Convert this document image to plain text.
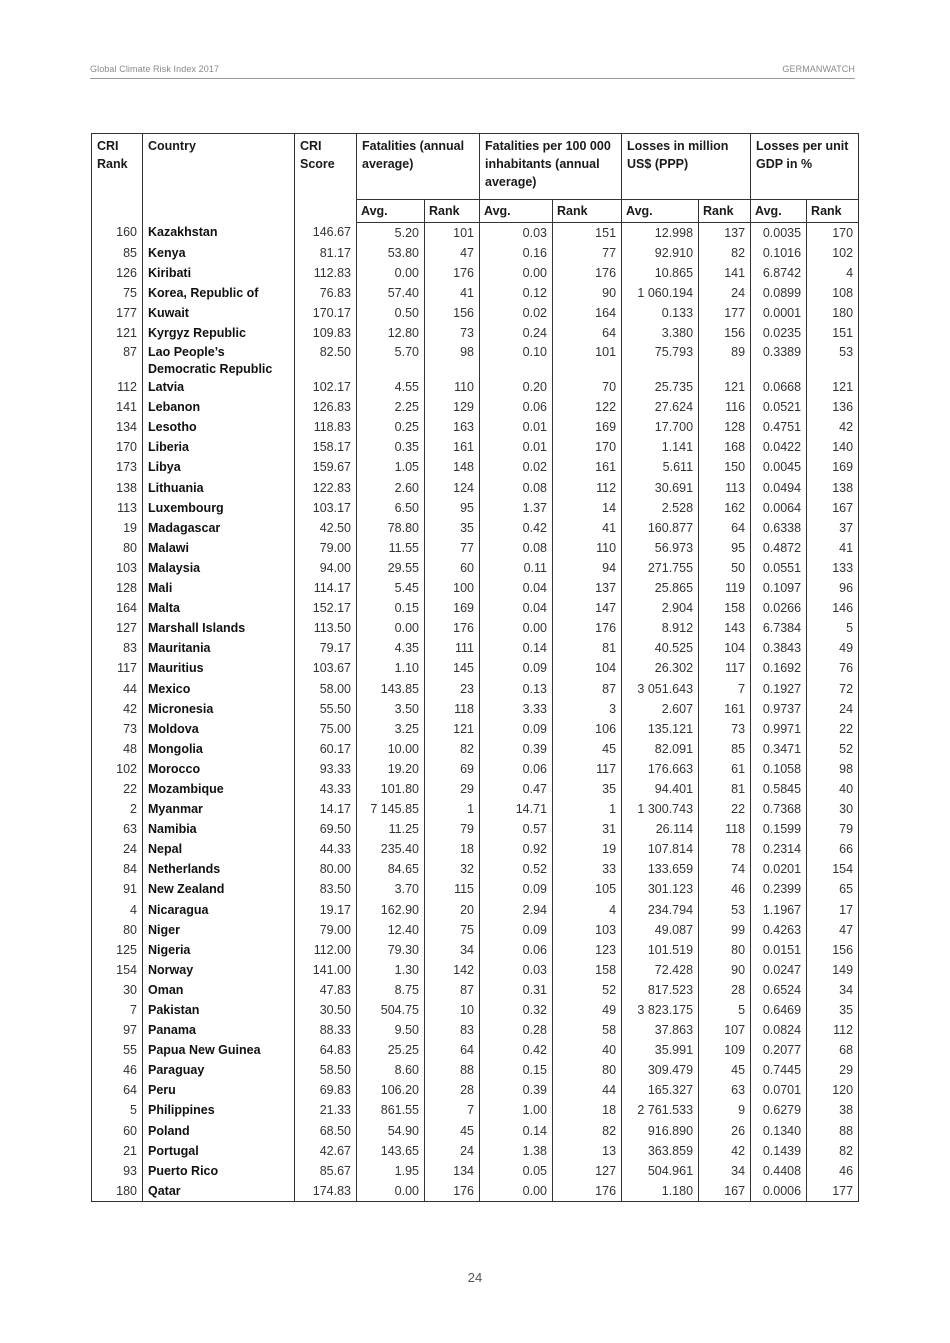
Global Climate Risk Index 2017	GERMANWATCH
CRI Rank	Country	CRI Score	Fatalities (annual average)		Fatalities per 100 000 inhabitants (annual average)		Losses in million US$ (PPP)		Losses per unit GDP in %	
			Avg.	Rank	Avg.	Rank	Avg.	Rank	Avg.	Rank
160	Kazakhstan	146.67	5.20	101	0.03	151	12.998	137	0.0035	170
85	Kenya	81.17	53.80	47	0.16	77	92.910	82	0.1016	102
126	Kiribati	112.83	0.00	176	0.00	176	10.865	141	6.8742	4
75	Korea, Republic of	76.83	57.40	41	0.12	90	1 060.194	24	0.0899	108
177	Kuwait	170.17	0.50	156	0.02	164	0.133	177	0.0001	180
121	Kyrgyz Republic	109.83	12.80	73	0.24	64	3.380	156	0.0235	151
87	Lao People’s Democratic Republic	82.50	5.70	98	0.10	101	75.793	89	0.3389	53
112	Latvia	102.17	4.55	110	0.20	70	25.735	121	0.0668	121
141	Lebanon	126.83	2.25	129	0.06	122	27.624	116	0.0521	136
134	Lesotho	118.83	0.25	163	0.01	169	17.700	128	0.4751	42
170	Liberia	158.17	0.35	161	0.01	170	1.141	168	0.0422	140
173	Libya	159.67	1.05	148	0.02	161	5.611	150	0.0045	169
138	Lithuania	122.83	2.60	124	0.08	112	30.691	113	0.0494	138
113	Luxembourg	103.17	6.50	95	1.37	14	2.528	162	0.0064	167
19	Madagascar	42.50	78.80	35	0.42	41	160.877	64	0.6338	37
80	Malawi	79.00	11.55	77	0.08	110	56.973	95	0.4872	41
103	Malaysia	94.00	29.55	60	0.11	94	271.755	50	0.0551	133
128	Mali	114.17	5.45	100	0.04	137	25.865	119	0.1097	96
164	Malta	152.17	0.15	169	0.04	147	2.904	158	0.0266	146
127	Marshall Islands	113.50	0.00	176	0.00	176	8.912	143	6.7384	5
83	Mauritania	79.17	4.35	111	0.14	81	40.525	104	0.3843	49
117	Mauritius	103.67	1.10	145	0.09	104	26.302	117	0.1692	76
44	Mexico	58.00	143.85	23	0.13	87	3 051.643	7	0.1927	72
42	Micronesia	55.50	3.50	118	3.33	3	2.607	161	0.9737	24
73	Moldova	75.00	3.25	121	0.09	106	135.121	73	0.9971	22
48	Mongolia	60.17	10.00	82	0.39	45	82.091	85	0.3471	52
102	Morocco	93.33	19.20	69	0.06	117	176.663	61	0.1058	98
22	Mozambique	43.33	101.80	29	0.47	35	94.401	81	0.5845	40
2	Myanmar	14.17	7 145.85	1	14.71	1	1 300.743	22	0.7368	30
63	Namibia	69.50	11.25	79	0.57	31	26.114	118	0.1599	79
24	Nepal	44.33	235.40	18	0.92	19	107.814	78	0.2314	66
84	Netherlands	80.00	84.65	32	0.52	33	133.659	74	0.0201	154
91	New Zealand	83.50	3.70	115	0.09	105	301.123	46	0.2399	65
4	Nicaragua	19.17	162.90	20	2.94	4	234.794	53	1.1967	17
80	Niger	79.00	12.40	75	0.09	103	49.087	99	0.4263	47
125	Nigeria	112.00	79.30	34	0.06	123	101.519	80	0.0151	156
154	Norway	141.00	1.30	142	0.03	158	72.428	90	0.0247	149
30	Oman	47.83	8.75	87	0.31	52	817.523	28	0.6524	34
7	Pakistan	30.50	504.75	10	0.32	49	3 823.175	5	0.6469	35
97	Panama	88.33	9.50	83	0.28	58	37.863	107	0.0824	112
55	Papua New Guinea	64.83	25.25	64	0.42	40	35.991	109	0.2077	68
46	Paraguay	58.50	8.60	88	0.15	80	309.479	45	0.7445	29
64	Peru	69.83	106.20	28	0.39	44	165.327	63	0.0701	120
5	Philippines	21.33	861.55	7	1.00	18	2 761.533	9	0.6279	38
60	Poland	68.50	54.90	45	0.14	82	916.890	26	0.1340	88
21	Portugal	42.67	143.65	24	1.38	13	363.859	42	0.1439	82
93	Puerto Rico	85.67	1.95	134	0.05	127	504.961	34	0.4408	46
180	Qatar	174.83	0.00	176	0.00	176	1.180	167	0.0006	177
24
